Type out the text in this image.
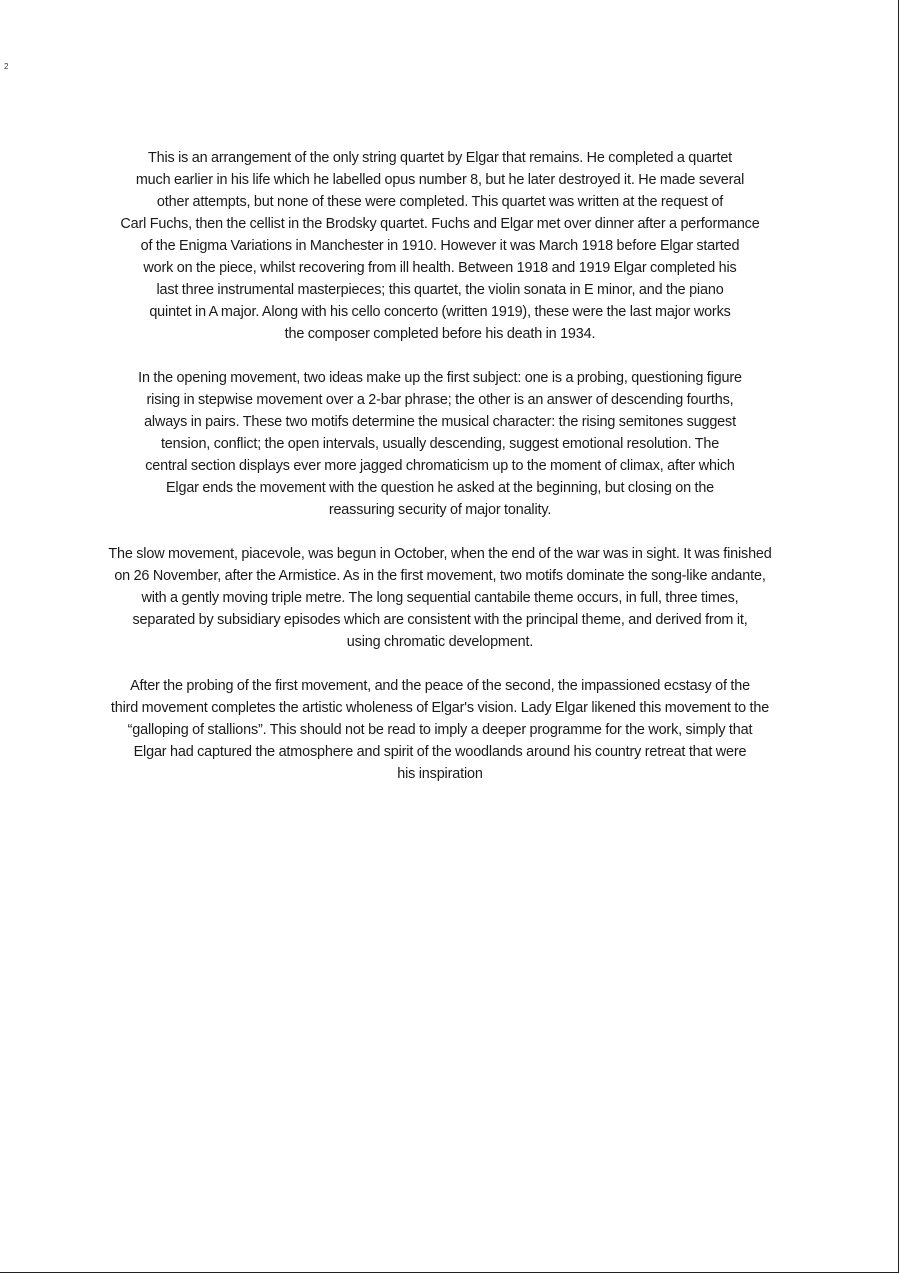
2

This is an arrangement of the only string quartet by Elgar that remains. He completed a quartet
much earlier in his life which he labelled opus number 8, but he later destroyed it. He made several
other attempts, but none of these were completed. This quartet was written at the request of
Carl Fuchs, then the cellist in the Brodsky quartet. Fuchs and Elgar met over dinner after a performance
of the Enigma Variations in Manchester in 1910. However it was March 1918 before Elgar started
work on the piece, whilst recovering from ill health. Between 1918 and 1919 Elgar completed his
last three instrumental masterpieces; this quartet, the violin sonata in E minor, and the piano
quintet in A major. Along with his cello concerto (written 1919), these were the last major works
the composer completed before his death in 1934.

In the opening movement, two ideas make up the first subject: one is a probing, questioning figure
rising in stepwise movement over a 2-bar phrase; the other is an answer of descending fourths,
always in pairs. These two motifs determine the musical character: the rising semitones suggest
tension, conflict; the open intervals, usually descending, suggest emotional resolution. The
central section displays ever more jagged chromaticism up to the moment of climax, after which
Elgar ends the movement with the question he asked at the beginning, but closing on the
reassuring security of major tonality.

The slow movement, piacevole, was begun in October, when the end of the war was in sight. It was finished
on 26 November, after the Armistice. As in the first movement, two motifs dominate the song-like andante,
with a gently moving triple metre. The long sequential cantabile theme occurs, in full, three times,
separated by subsidiary episodes which are consistent with the principal theme, and derived from it,
using chromatic development.

After the probing of the first movement, and the peace of the second, the impassioned ecstasy of the
third movement completes the artistic wholeness of Elgar's vision. Lady Elgar likened this movement to the
“galloping of stallions”. This should not be read to imply a deeper programme for the work, simply that
Elgar had captured the atmosphere and spirit of the woodlands around his country retreat that were
his inspiration
